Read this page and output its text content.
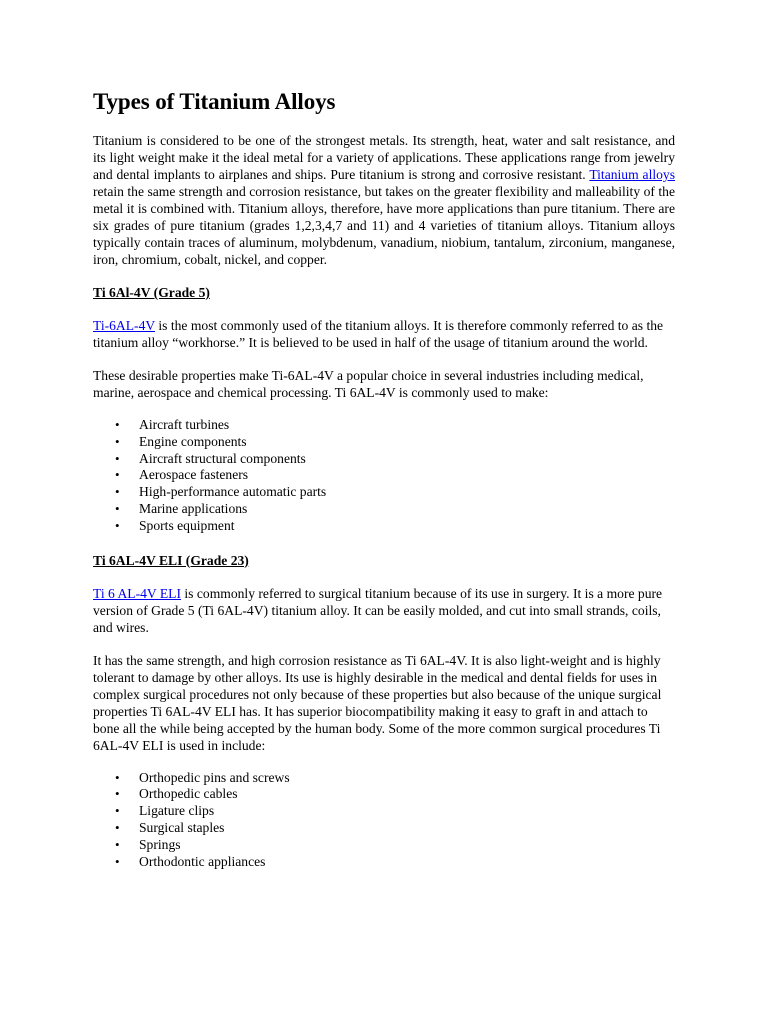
Types of Titanium Alloys

Titanium is considered to be one of the strongest metals. Its strength, heat, water and salt resistance, and its light weight make it the ideal metal for a variety of applications. These applications range from jewelry and dental implants to airplanes and ships. Pure titanium is strong and corrosive resistant. Titanium alloys retain the same strength and corrosion resistance, but takes on the greater flexibility and malleability of the metal it is combined with. Titanium alloys, therefore, have more applications than pure titanium. There are six grades of pure titanium (grades 1,2,3,4,7 and 11) and 4 varieties of titanium alloys. Titanium alloys typically contain traces of aluminum, molybdenum, vanadium, niobium, tantalum, zirconium, manganese, iron, chromium, cobalt, nickel, and copper.

Ti 6Al-4V (Grade 5)

Ti-6AL-4V is the most commonly used of the titanium alloys. It is therefore commonly referred to as the titanium alloy “workhorse.” It is believed to be used in half of the usage of titanium around the world.

These desirable properties make Ti-6AL-4V a popular choice in several industries including medical, marine, aerospace and chemical processing. Ti 6AL-4V is commonly used to make:

• Aircraft turbines
• Engine components
• Aircraft structural components
• Aerospace fasteners
• High-performance automatic parts
• Marine applications
• Sports equipment
Ti 6AL-4V ELI (Grade 23)

Ti 6 AL-4V ELI is commonly referred to surgical titanium because of its use in surgery. It is a more pure version of Grade 5 (Ti 6AL-4V) titanium alloy. It can be easily molded, and cut into small strands, coils, and wires.

It has the same strength, and high corrosion resistance as Ti 6AL-4V. It is also light-weight and is highly tolerant to damage by other alloys. Its use is highly desirable in the medical and dental fields for uses in complex surgical procedures not only because of these properties but also because of the unique surgical properties Ti 6AL-4V ELI has. It has superior biocompatibility making it easy to graft in and attach to bone all the while being accepted by the human body. Some of the more common surgical procedures Ti 6AL-4V ELI is used in include:

• Orthopedic pins and screws
• Orthopedic cables
• Ligature clips
• Surgical staples
• Springs
• Orthodontic appliances
